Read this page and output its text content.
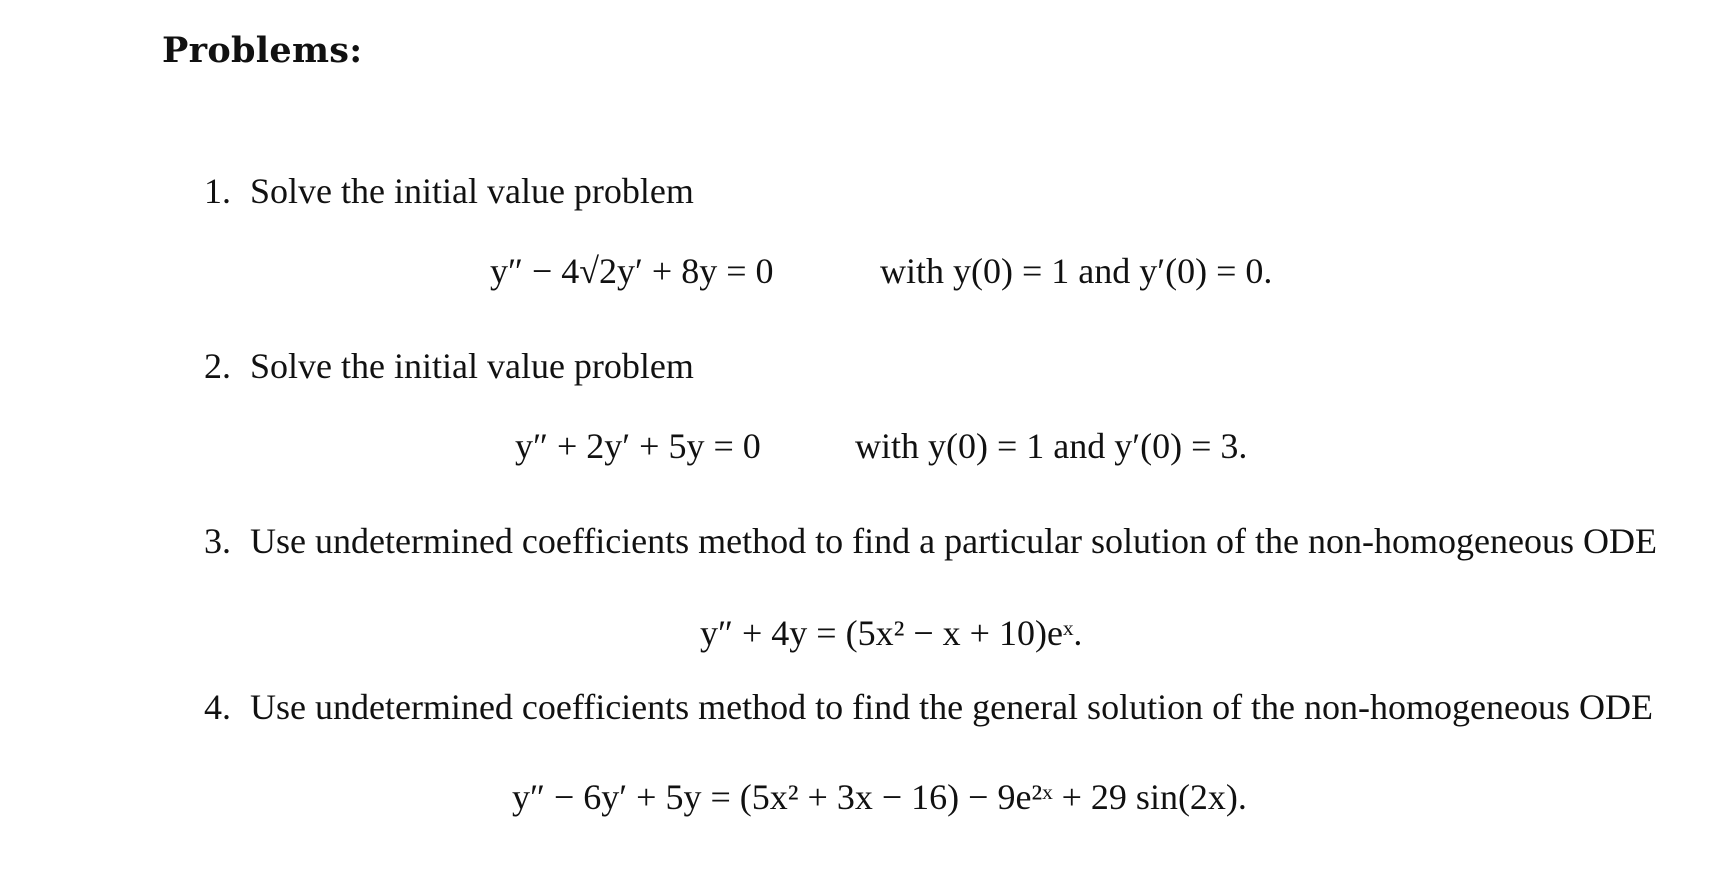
Problems:
1. Solve the initial value problem
y″ − 4√2y′ + 8y = 0	with y(0) = 1 and y′(0) = 0.
2. Solve the initial value problem
y″ + 2y′ + 5y = 0	with y(0) = 1 and y′(0) = 3.
3. Use undetermined coefficients method to find a particular solution of the non-homogeneous ODE
y″ + 4y = (5x² − x + 10)eˣ.
4. Use undetermined coefficients method to find the general solution of the non-homogeneous ODE
y″ − 6y′ + 5y = (5x² + 3x − 16) − 9e²ˣ + 29 sin(2x).
